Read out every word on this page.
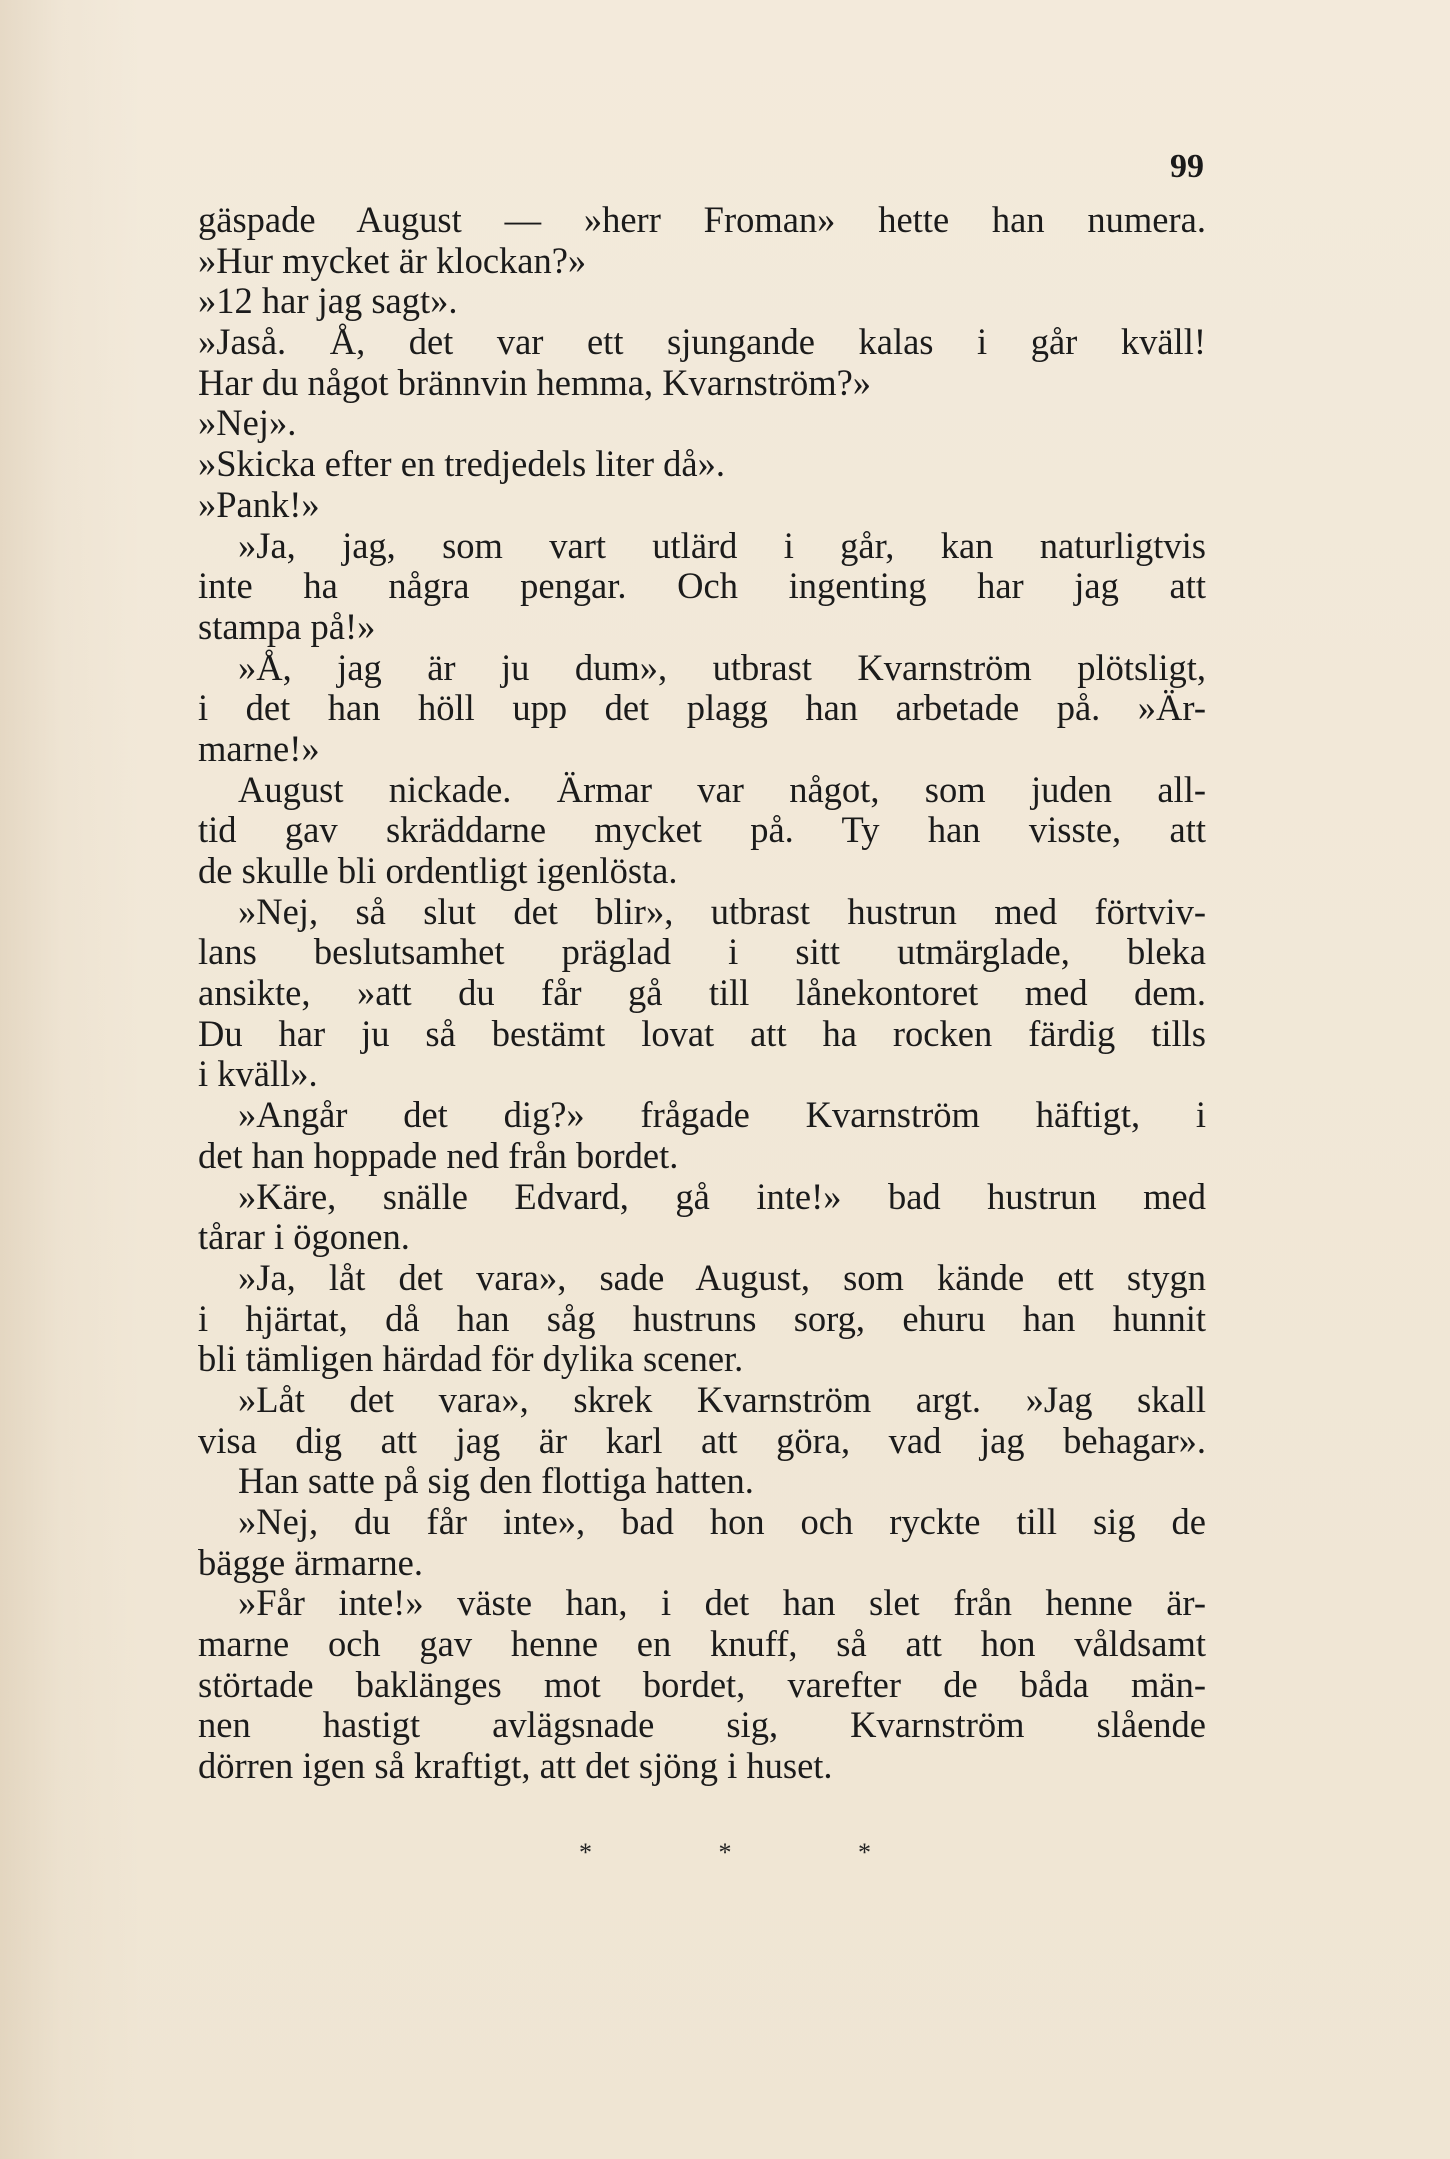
99
gäspade August — »herr Froman» hette han numera.
»Hur mycket är klockan?»
»12 har jag sagt».
»Jaså. Å, det var ett sjungande kalas i går kväll!
Har du något brännvin hemma, Kvarnström?»
»Nej».
»Skicka efter en tredjedels liter då».
»Pank!»
»Ja, jag, som vart utlärd i går, kan naturligtvis
inte ha några pengar. Och ingenting har jag att
stampa på!»
»Å, jag är ju dum», utbrast Kvarnström plötsligt,
i det han höll upp det plagg han arbetade på. »Är-
marne!»
August nickade. Ärmar var något, som juden all-
tid gav skräddarne mycket på. Ty han visste, att
de skulle bli ordentligt igenlösta.
»Nej, så slut det blir», utbrast hustrun med förtviv-
lans beslutsamhet präglad i sitt utmärglade, bleka
ansikte, »att du får gå till lånekontoret med dem.
Du har ju så bestämt lovat att ha rocken färdig tills
i kväll».
»Angår det dig?» frågade Kvarnström häftigt, i
det han hoppade ned från bordet.
»Käre, snälle Edvard, gå inte!» bad hustrun med
tårar i ögonen.
»Ja, låt det vara», sade August, som kände ett stygn
i hjärtat, då han såg hustruns sorg, ehuru han hunnit
bli tämligen härdad för dylika scener.
»Låt det vara», skrek Kvarnström argt. »Jag skall
visa dig att jag är karl att göra, vad jag behagar».
Han satte på sig den flottiga hatten.
»Nej, du får inte», bad hon och ryckte till sig de
bägge ärmarne.
»Får inte!» väste han, i det han slet från henne är-
marne och gav henne en knuff, så att hon våldsamt
störtade baklänges mot bordet, varefter de båda män-
nen hastigt avlägsnade sig, Kvarnström slående
dörren igen så kraftigt, att det sjöng i huset.
* * *
